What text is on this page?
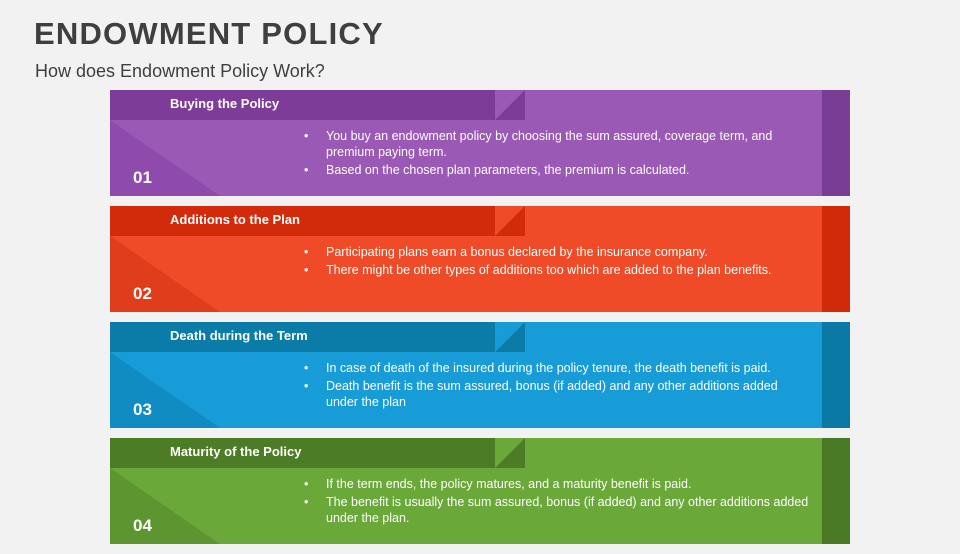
ENDOWMENT POLICY
How does Endowment Policy Work?
Buying the Policy
01
• You buy an endowment policy by choosing the sum assured, coverage term, and premium paying term.
• Based on the chosen plan parameters, the premium is calculated.
Additions to the Plan
02
• Participating plans earn a bonus declared by the insurance company.
• There might be other types of additions too which are added to the plan benefits.
Death during the Term
03
• In case of death of the insured during the policy tenure, the death benefit is paid.
• Death benefit is the sum assured, bonus (if added) and any other additions added under the plan
Maturity of the Policy
04
• If the term ends, the policy matures, and a maturity benefit is paid.
• The benefit is usually the sum assured, bonus (if added) and any other additions added under the plan.
